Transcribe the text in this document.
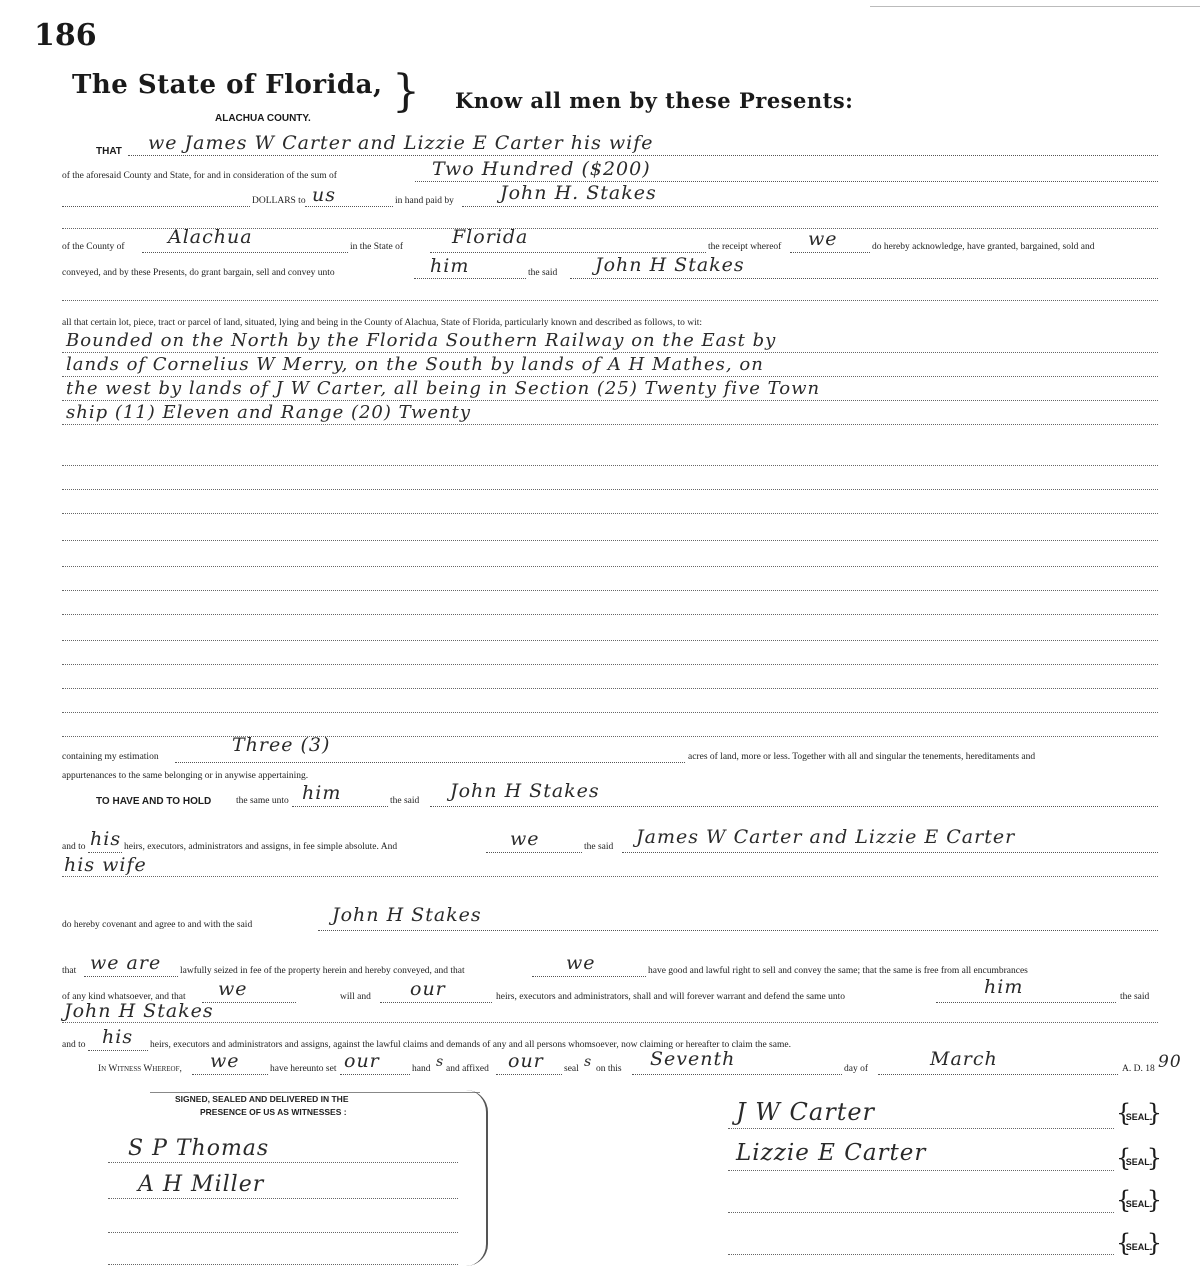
186
The State of Florida, } Know all men by these Presents:
ALACHUA COUNTY.
THAT we James W Carter and Lizzie E Carter his wife
of the aforesaid County and State, for and in consideration of the sum of	Two Hundred ($200)
DOLLARS to us	in hand paid by John H. Stakes
of the County of Alachua	in the State of	Florida	the receipt whereof we	do hereby acknowledge, have granted, bargained, sold and
conveyed, and by these Presents, do grant bargain, sell and convey unto	him	the said John H Stakes
all that certain lot, piece, tract or parcel of land, situated, lying and being in the County of Alachua, State of Florida, particularly known and described as follows, to wit:
Bounded on the North by the Florida Southern Railway on the East by
lands of Cornelius W Merry, on the South by lands of A H Mathes, on
the west by lands of J W Carter, all being in Section (25) Twenty five Town
ship (11) Eleven and Range (20) Twenty
containing my estimation
Three (3)
acres of land, more or less. Together with all and singular the tenements, hereditaments and
appurtenances to the same belonging or in anywise appertaining.
TO HAVE AND TO HOLD	the same unto him	the said John H Stakes
and to his heirs, executors, administrators and assigns, in fee simple absolute. And	we	the said James W Carter and Lizzie E Carter
his wife
do hereby covenant and agree to and with the said	John H Stakes
that we are lawfully seized in fee of the property herein and hereby conveyed, and that	we	have good and lawful right to sell and convey the same; that the same is free from all encumbrances
of any kind whatsoever, and that we	will and our	heirs, executors and administrators, shall and will forever warrant and defend the same unto	him	the said
John H Stakes
and to his heirs, executors and administrators and assigns, against the lawful claims and demands of any and all persons whomsoever, now claiming or hereafter to claim the same.
In Witness Whereof, we	have hereunto set our	hand s and affixed our seal s on this Seventh	day of	March	A. D. 18 90
SIGNED, SEALED AND DELIVERED IN THE
PRESENCE OF US AS WITNESSES :
S P Thomas
A H Miller
J W Carter	{ SEAL. }
Lizzie E Carter	{ SEAL. }
{ SEAL. }
{ SEAL. }
